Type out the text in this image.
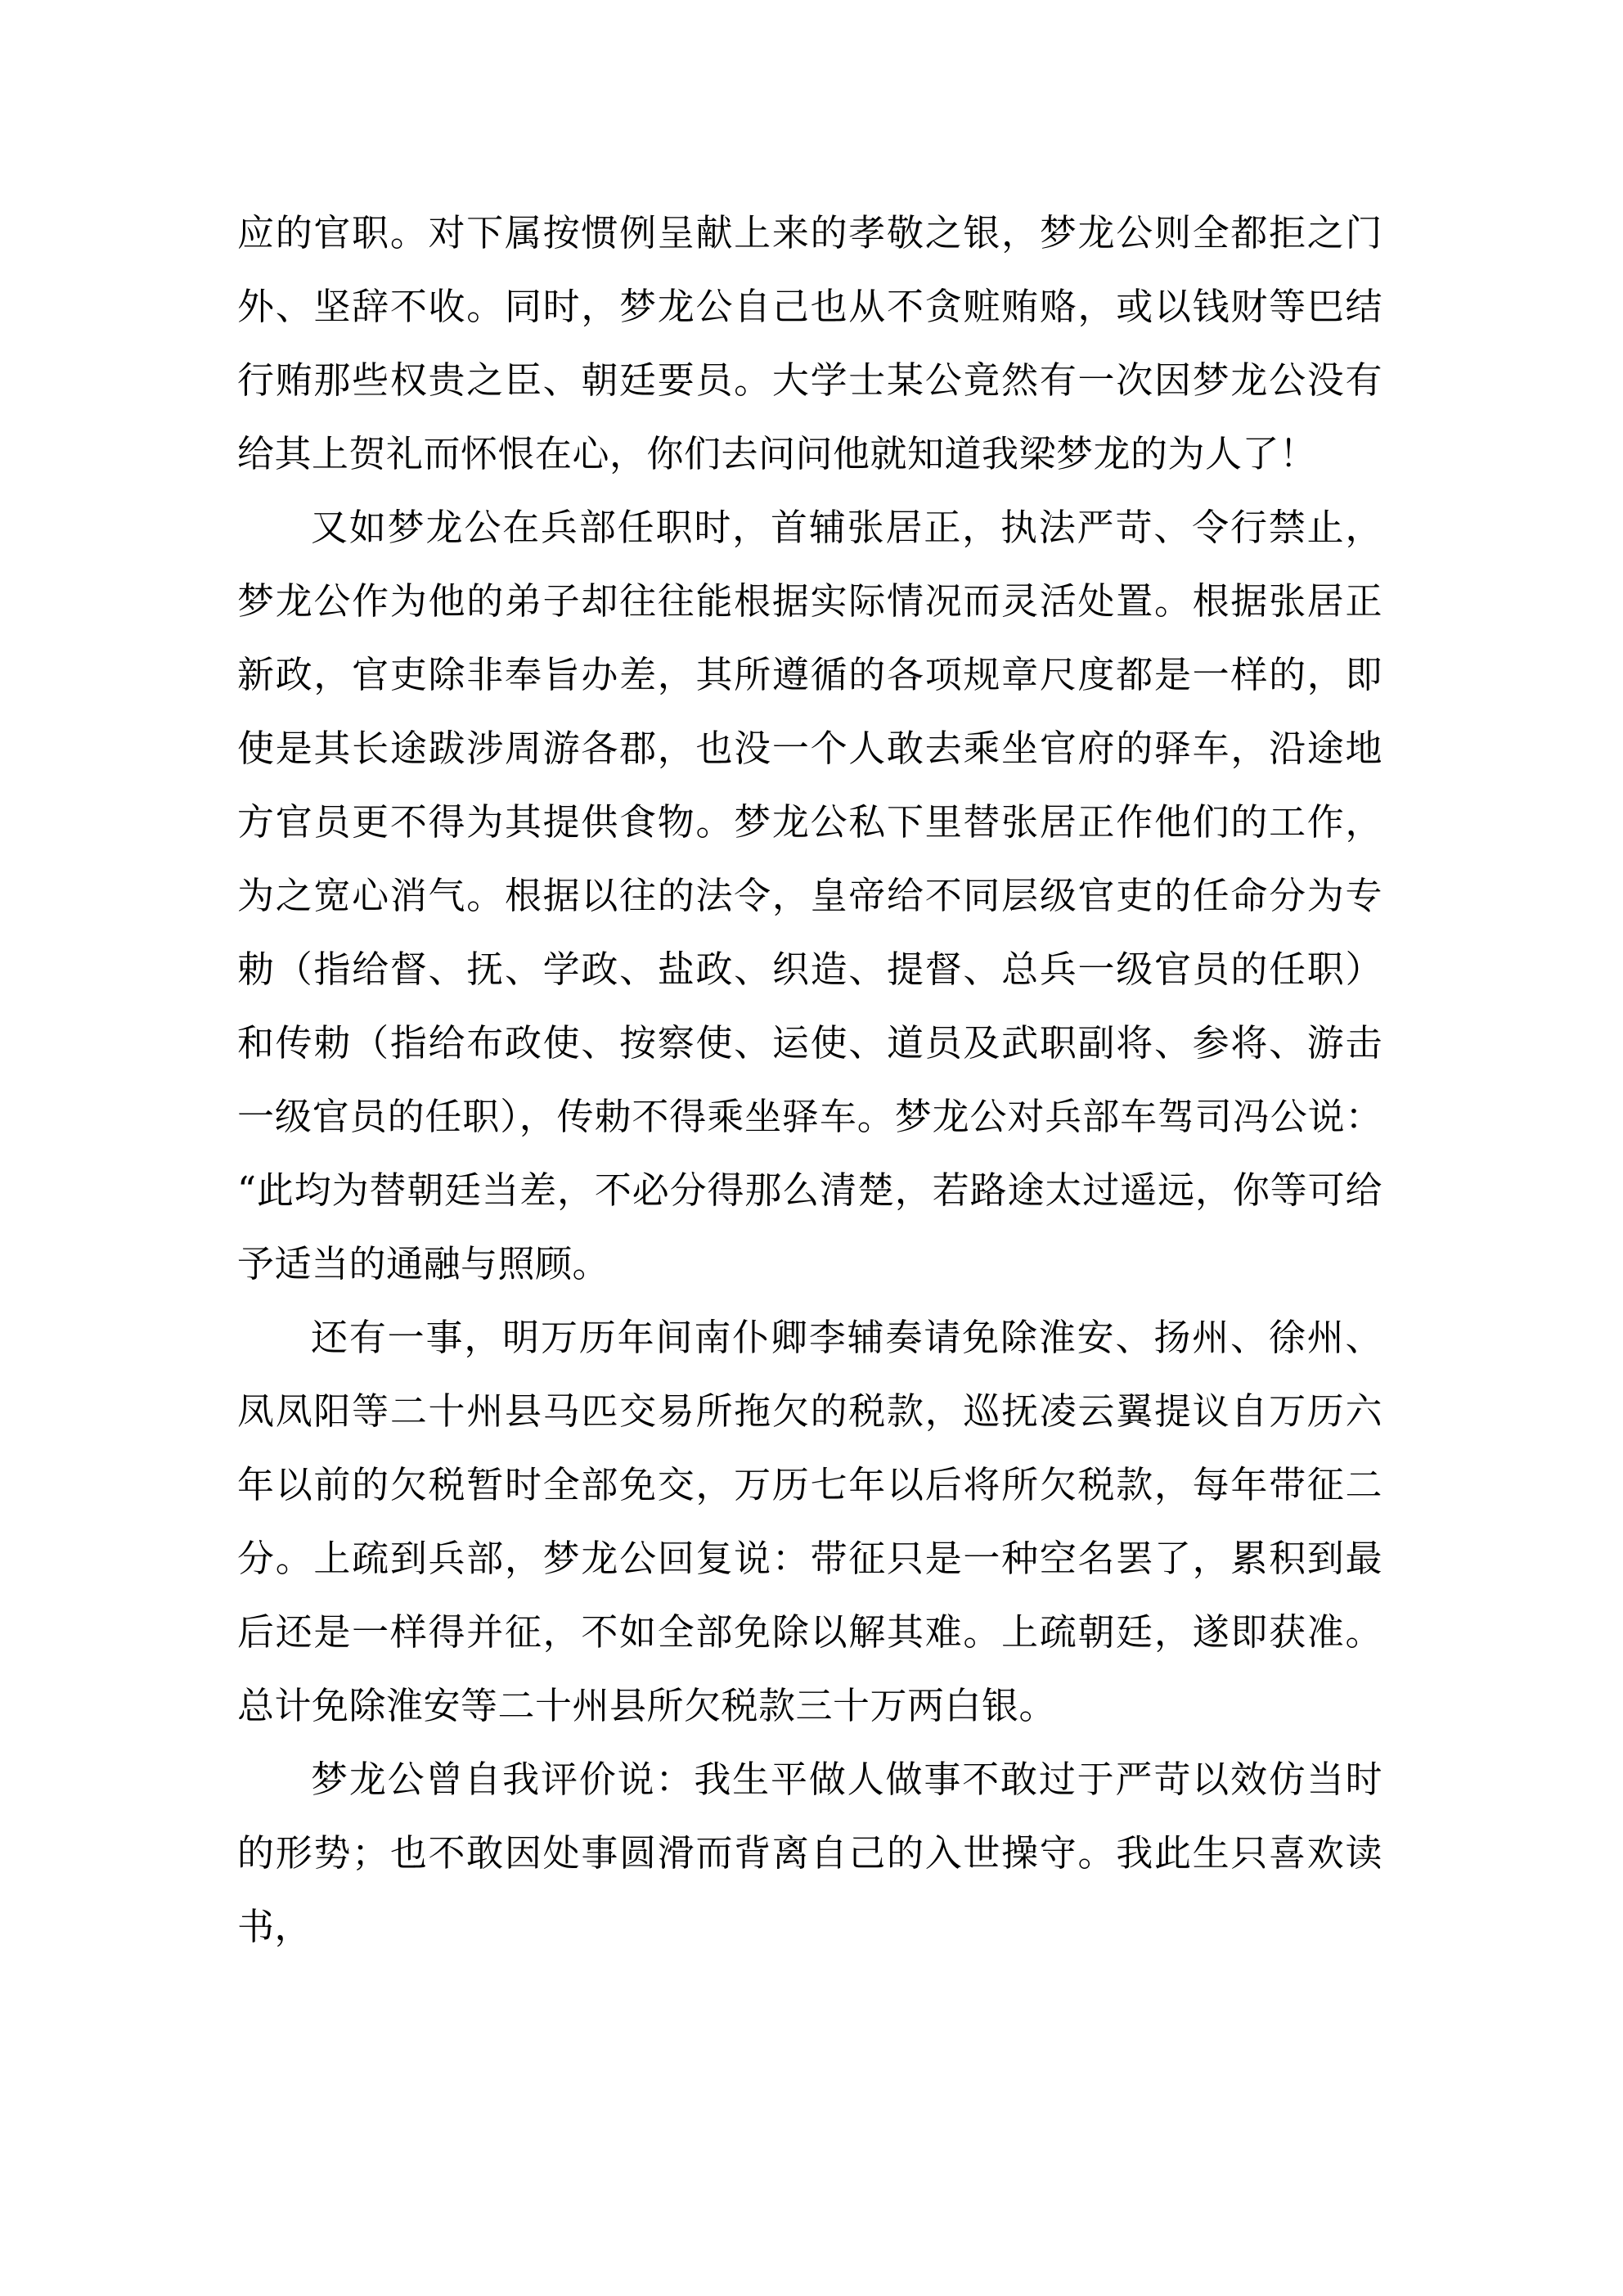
应的官职。对下属按惯例呈献上来的孝敬之银，梦龙公则全都拒之门外、坚辞不收。同时，梦龙公自己也从不贪赃贿赂，或以钱财等巴结行贿那些权贵之臣、朝廷要员。大学士某公竟然有一次因梦龙公没有给其上贺礼而怀恨在心，你们去问问他就知道我梁梦龙的为人了！

又如梦龙公在兵部任职时，首辅张居正，执法严苛、令行禁止，梦龙公作为他的弟子却往往能根据实际情况而灵活处置。根据张居正新政，官吏除非奉旨办差，其所遵循的各项规章尺度都是一样的，即使是其长途跋涉周游各郡，也没一个人敢去乘坐官府的驿车，沿途地方官员更不得为其提供食物。梦龙公私下里替张居正作他们的工作，为之宽心消气。根据以往的法令，皇帝给不同层级官吏的任命分为专勅（指给督、抚、学政、盐政、织造、提督、总兵一级官员的任职）和传勅（指给布政使、按察使、运使、道员及武职副将、参将、游击一级官员的任职），传勅不得乘坐驿车。梦龙公对兵部车驾司冯公说：“此均为替朝廷当差，不必分得那么清楚，若路途太过遥远，你等可给予适当的通融与照顾。

还有一事，明万历年间南仆卿李辅奏请免除淮安、扬州、徐州、凤凤阳等二十州县马匹交易所拖欠的税款，巡抚凌云翼提议自万历六年以前的欠税暂时全部免交，万历七年以后将所欠税款，每年带征二分。上疏到兵部，梦龙公回复说：带征只是一种空名罢了，累积到最后还是一样得并征，不如全部免除以解其难。上疏朝廷，遂即获准。总计免除淮安等二十州县所欠税款三十万两白银。

梦龙公曾自我评价说：我生平做人做事不敢过于严苛以效仿当时的形势；也不敢因处事圆滑而背离自己的入世操守。我此生只喜欢读书，
